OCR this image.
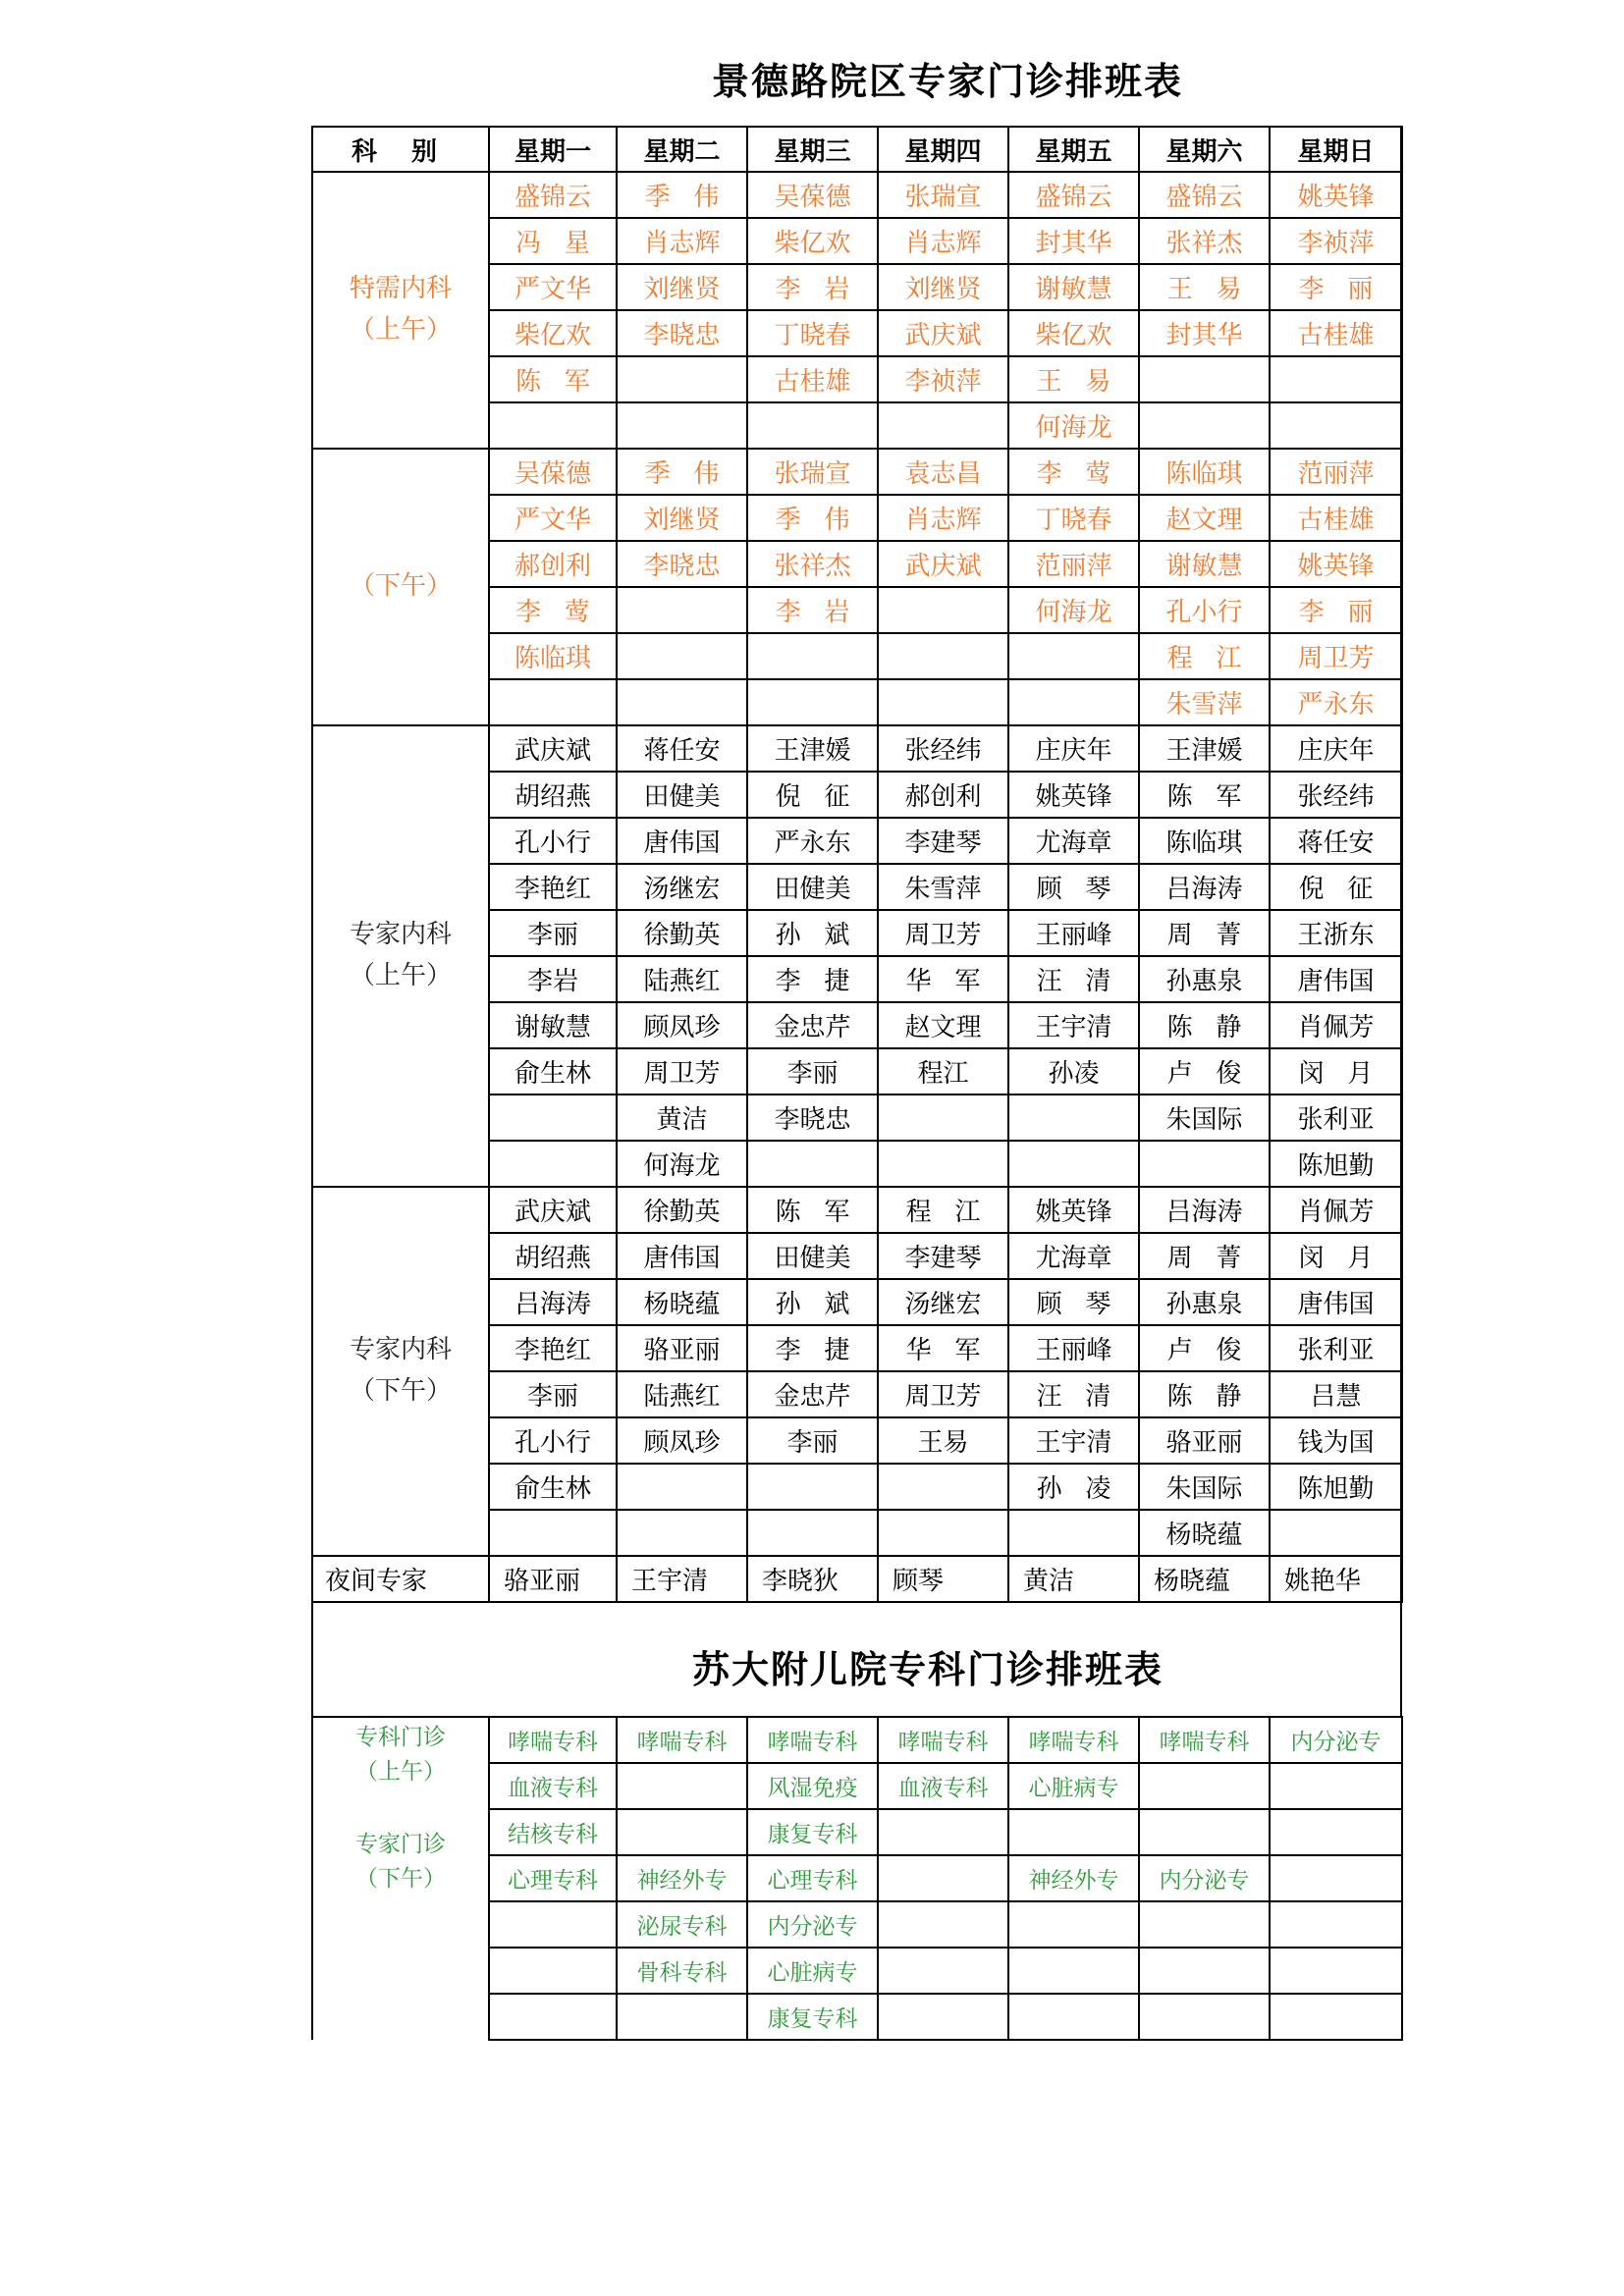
景德路院区专家门诊排班表
科 别	星期一	星期二	星期三	星期四	星期五	星期六	星期日

特需内科
（上午）	盛锦云	季 伟	吴葆德	张瑞宣	盛锦云	盛锦云	姚英锋
	冯 星	肖志辉	柴亿欢	肖志辉	封其华	张祥杰	李祯萍
	严文华	刘继贤	李 岩	刘继贤	谢敏慧	王 易	李 丽
	柴亿欢	李晓忠	丁晓春	武庆斌	柴亿欢	封其华	古桂雄
	陈 军		古桂雄	李祯萍	王 易		
					何海龙		

（下午）	吴葆德	季 伟	张瑞宣	袁志昌	李 莺	陈临琪	范丽萍
	严文华	刘继贤	季 伟	肖志辉	丁晓春	赵文理	古桂雄
	郝创利	李晓忠	张祥杰	武庆斌	范丽萍	谢敏慧	姚英锋
	李 莺		李 岩		何海龙	孔小行	李 丽
	陈临琪					程 江	周卫芳
						朱雪萍	严永东

专家内科
（上午）	武庆斌	蒋任安	王津媛	张经纬	庄庆年	王津媛	庄庆年
	胡绍燕	田健美	倪 征	郝创利	姚英锋	陈 军	张经纬
	孔小行	唐伟国	严永东	李建琴	尤海章	陈临琪	蒋任安
	李艳红	汤继宏	田健美	朱雪萍	顾 琴	吕海涛	倪 征
	李丽	徐勤英	孙 斌	周卫芳	王丽峰	周 菁	王浙东
	李岩	陆燕红	李 捷	华 军	汪 清	孙惠泉	唐伟国
	谢敏慧	顾凤珍	金忠芹	赵文理	王宇清	陈 静	肖佩芳
	俞生林	周卫芳	李丽	程江	孙凌	卢 俊	闵 月
		黄洁	李晓忠			朱国际	张利亚
		何海龙					陈旭勤

专家内科
（下午）	武庆斌	徐勤英	陈 军	程 江	姚英锋	吕海涛	肖佩芳
	胡绍燕	唐伟国	田健美	李建琴	尤海章	周 菁	闵 月
	吕海涛	杨晓蕴	孙 斌	汤继宏	顾 琴	孙惠泉	唐伟国
	李艳红	骆亚丽	李 捷	华 军	王丽峰	卢 俊	张利亚
	李丽	陆燕红	金忠芹	周卫芳	汪 清	陈 静	吕慧
	孔小行	顾凤珍	李丽	王易	王宇清	骆亚丽	钱为国
	俞生林				孙 凌	朱国际	陈旭勤
						杨晓蕴	
夜间专家	骆亚丽	王宇清	李晓狄	顾琴	黄洁	杨晓蕴	姚艳华
苏大附儿院专科门诊排班表
专科门诊
（上午）
专家门诊
（下午）	哮喘专科	哮喘专科	哮喘专科	哮喘专科	哮喘专科	哮喘专科	内分泌专
	血液专科		风湿免疫	血液专科	心脏病专		
	结核专科		康复专科				
	心理专科	神经外专	心理专科		神经外专	内分泌专	
		泌尿专科	内分泌专				
		骨科专科	心脏病专				
			康复专科				
